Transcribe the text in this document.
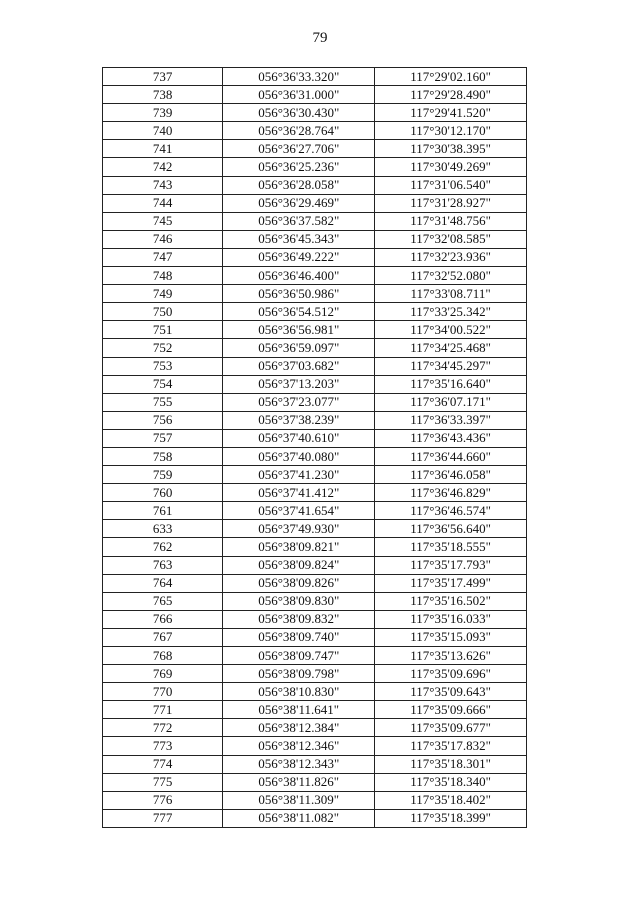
79
737	056°36'33.320"	117°29'02.160"
738	056°36'31.000"	117°29'28.490"
739	056°36'30.430"	117°29'41.520"
740	056°36'28.764"	117°30'12.170"
741	056°36'27.706"	117°30'38.395"
742	056°36'25.236"	117°30'49.269"
743	056°36'28.058"	117°31'06.540"
744	056°36'29.469"	117°31'28.927"
745	056°36'37.582"	117°31'48.756"
746	056°36'45.343"	117°32'08.585"
747	056°36'49.222"	117°32'23.936"
748	056°36'46.400"	117°32'52.080"
749	056°36'50.986"	117°33'08.711"
750	056°36'54.512"	117°33'25.342"
751	056°36'56.981"	117°34'00.522"
752	056°36'59.097"	117°34'25.468"
753	056°37'03.682"	117°34'45.297"
754	056°37'13.203"	117°35'16.640"
755	056°37'23.077"	117°36'07.171"
756	056°37'38.239"	117°36'33.397"
757	056°37'40.610"	117°36'43.436"
758	056°37'40.080"	117°36'44.660"
759	056°37'41.230"	117°36'46.058"
760	056°37'41.412"	117°36'46.829"
761	056°37'41.654"	117°36'46.574"
633	056°37'49.930"	117°36'56.640"
762	056°38'09.821"	117°35'18.555"
763	056°38'09.824"	117°35'17.793"
764	056°38'09.826"	117°35'17.499"
765	056°38'09.830"	117°35'16.502"
766	056°38'09.832"	117°35'16.033"
767	056°38'09.740"	117°35'15.093"
768	056°38'09.747"	117°35'13.626"
769	056°38'09.798"	117°35'09.696"
770	056°38'10.830"	117°35'09.643"
771	056°38'11.641"	117°35'09.666"
772	056°38'12.384"	117°35'09.677"
773	056°38'12.346"	117°35'17.832"
774	056°38'12.343"	117°35'18.301"
775	056°38'11.826"	117°35'18.340"
776	056°38'11.309"	117°35'18.402"
777	056°38'11.082"	117°35'18.399"
